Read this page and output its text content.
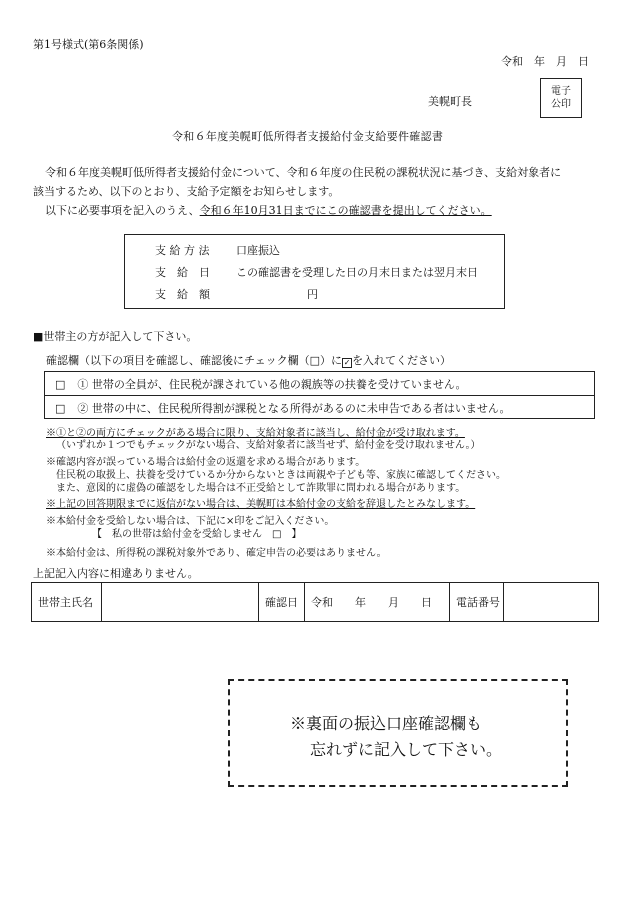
第1号様式(第6条関係)
令和　年　月　日
美幌町長
電子
公印
令和６年度美幌町低所得者支援給付金支給要件確認書
令和６年度美幌町低所得者支援給付金について、令和６年度の住民税の課税状況に基づき、支給対象者に
該当するため、以下のとおり、支給予定額をお知らせします。
以下に必要事項を記入のうえ、令和６年10月31日までにこの確認書を提出してください。
支 給 方 法 口座振込
支　給　日 この確認書を受理した日の月末日または翌月末日
支　給　額	円
■世帯主の方が記入して下さい。
確認欄（以下の項目を確認し、確認後にチェック欄（□）に ✓ を入れてください）
□ ① 世帯の全員が、住民税が課されている他の親族等の扶養を受けていません。
□ ② 世帯の中に、住民税所得割が課税となる所得があるのに未申告である者はいません。
※①と②の両方にチェックがある場合に限り、支給対象者に該当し、給付金が受け取れます。
（いずれか１つでもチェックがない場合、支給対象者に該当せず、給付金を受け取れません。）
※確認内容が誤っている場合は給付金の返還を求める場合があります。
住民税の取扱上、扶養を受けているか分からないときは両親や子ども等、家族に確認してください。
また、意図的に虚偽の確認をした場合は不正受給として詐欺罪に問われる場合があります。
※上記の回答期限までに返信がない場合は、美幌町は本給付金の支給を辞退したとみなします。
※本給付金を受給しない場合は、下記に×印をご記入ください。
【　私の世帯は給付金を受給しません　□　】
※本給付金は、所得税の課税対象外であり、確定申告の必要はありません。
上記記入内容に相違ありません。
世帯主氏名	確認日 令和　　年　　月　　日 電話番号
※裏面の振込口座確認欄も
忘れずに記入して下さい。
